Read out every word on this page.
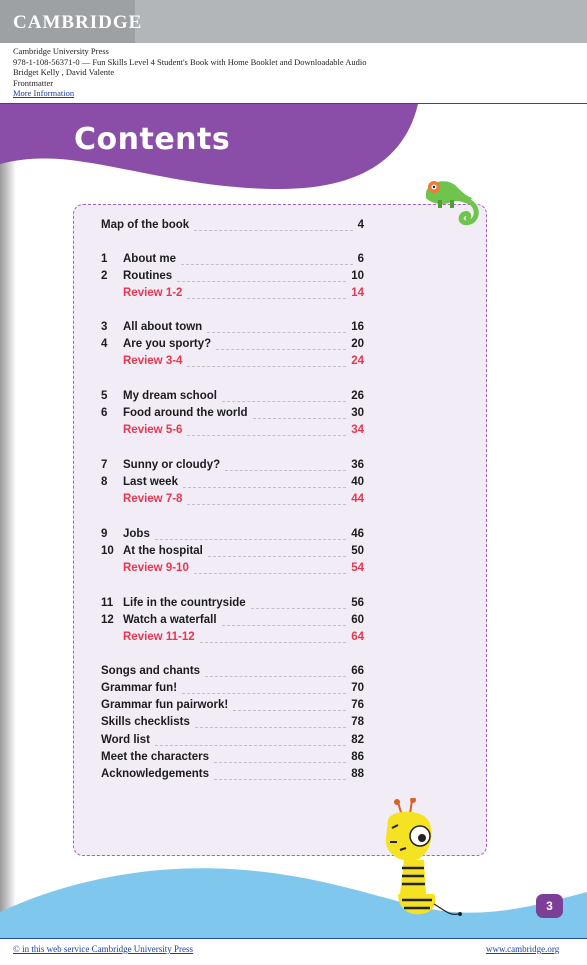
CAMBRIDGE
Cambridge University Press
978-1-108-56371-0 — Fun Skills Level 4 Student's Book with Home Booklet and Downloadable Audio
Bridget Kelly , David Valente
Frontmatter
More Information
Contents
Map of the book	4
1	About me	6
2	Routines	10
Review 1-2	14
3	All about town	16
4	Are you sporty?	20
Review 3-4	24
5	My dream school	26
6	Food around the world	30
Review 5-6	34
7	Sunny or cloudy?	36
8	Last week	40
Review 7-8	44
9	Jobs	46
10 At the hospital	50
Review 9-10	54
11 Life in the countryside	56
12 Watch a waterfall	60
Review 11-12	64
Songs and chants	66
Grammar fun!	70
Grammar fun pairwork!	76
Skills checklists	78
Word list	82
Meet the characters	86
Acknowledgements	88
3
© in this web service Cambridge University Press	www.cambridge.org
